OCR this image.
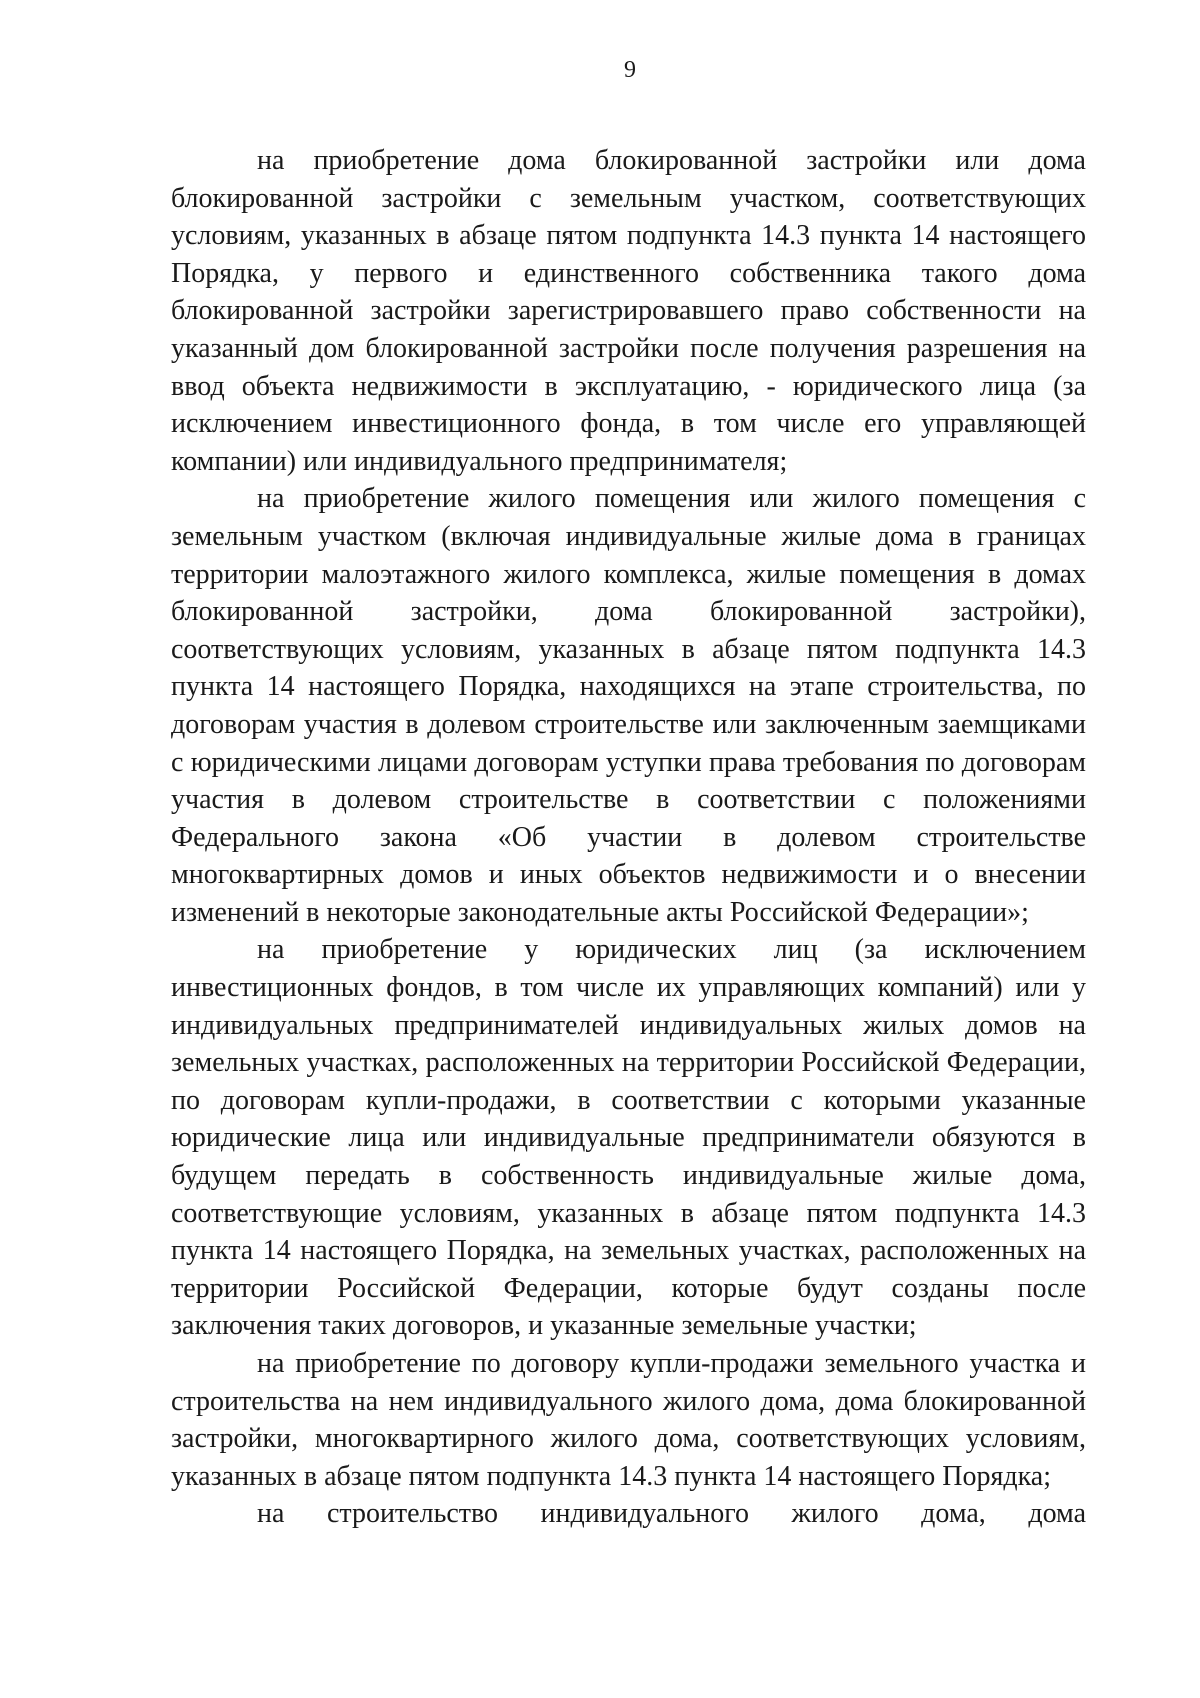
9

на приобретение дома блокированной застройки или дома блокированной застройки с земельным участком, соответствующих условиям, указанных в абзаце пятом подпункта 14.3 пункта 14 настоящего Порядка, у первого и единственного собственника такого дома блокированной застройки зарегистрировавшего право собственности на указанный дом блокированной застройки после получения разрешения на ввод объекта недвижимости в эксплуатацию, - юридического лица (за исключением инвестиционного фонда, в том числе его управляющей компании) или индивидуального предпринимателя;

на приобретение жилого помещения или жилого помещения с земельным участком (включая индивидуальные жилые дома в границах территории малоэтажного жилого комплекса, жилые помещения в домах блокированной застройки, дома блокированной застройки), соответствующих условиям, указанных в абзаце пятом подпункта 14.3 пункта 14 настоящего Порядка, находящихся на этапе строительства, по договорам участия в долевом строительстве или заключенным заемщиками с юридическими лицами договорам уступки права требования по договорам участия в долевом строительстве в соответствии с положениями Федерального закона «Об участии в долевом строительстве многоквартирных домов и иных объектов недвижимости и о внесении изменений в некоторые законодательные акты Российской Федерации»;

на приобретение у юридических лиц (за исключением инвестиционных фондов, в том числе их управляющих компаний) или у индивидуальных предпринимателей индивидуальных жилых домов на земельных участках, расположенных на территории Российской Федерации, по договорам купли-продажи, в соответствии с которыми указанные юридические лица или индивидуальные предприниматели обязуются в будущем передать в собственность индивидуальные жилые дома, соответствующие условиям, указанных в абзаце пятом подпункта 14.3 пункта 14 настоящего Порядка, на земельных участках, расположенных на территории Российской Федерации, которые будут созданы после заключения таких договоров, и указанные земельные участки;

на приобретение по договору купли-продажи земельного участка и строительства на нем индивидуального жилого дома, дома блокированной застройки, многоквартирного жилого дома, соответствующих условиям, указанных в абзаце пятом подпункта 14.3 пункта 14 настоящего Порядка;

на строительство индивидуального жилого дома, дома
